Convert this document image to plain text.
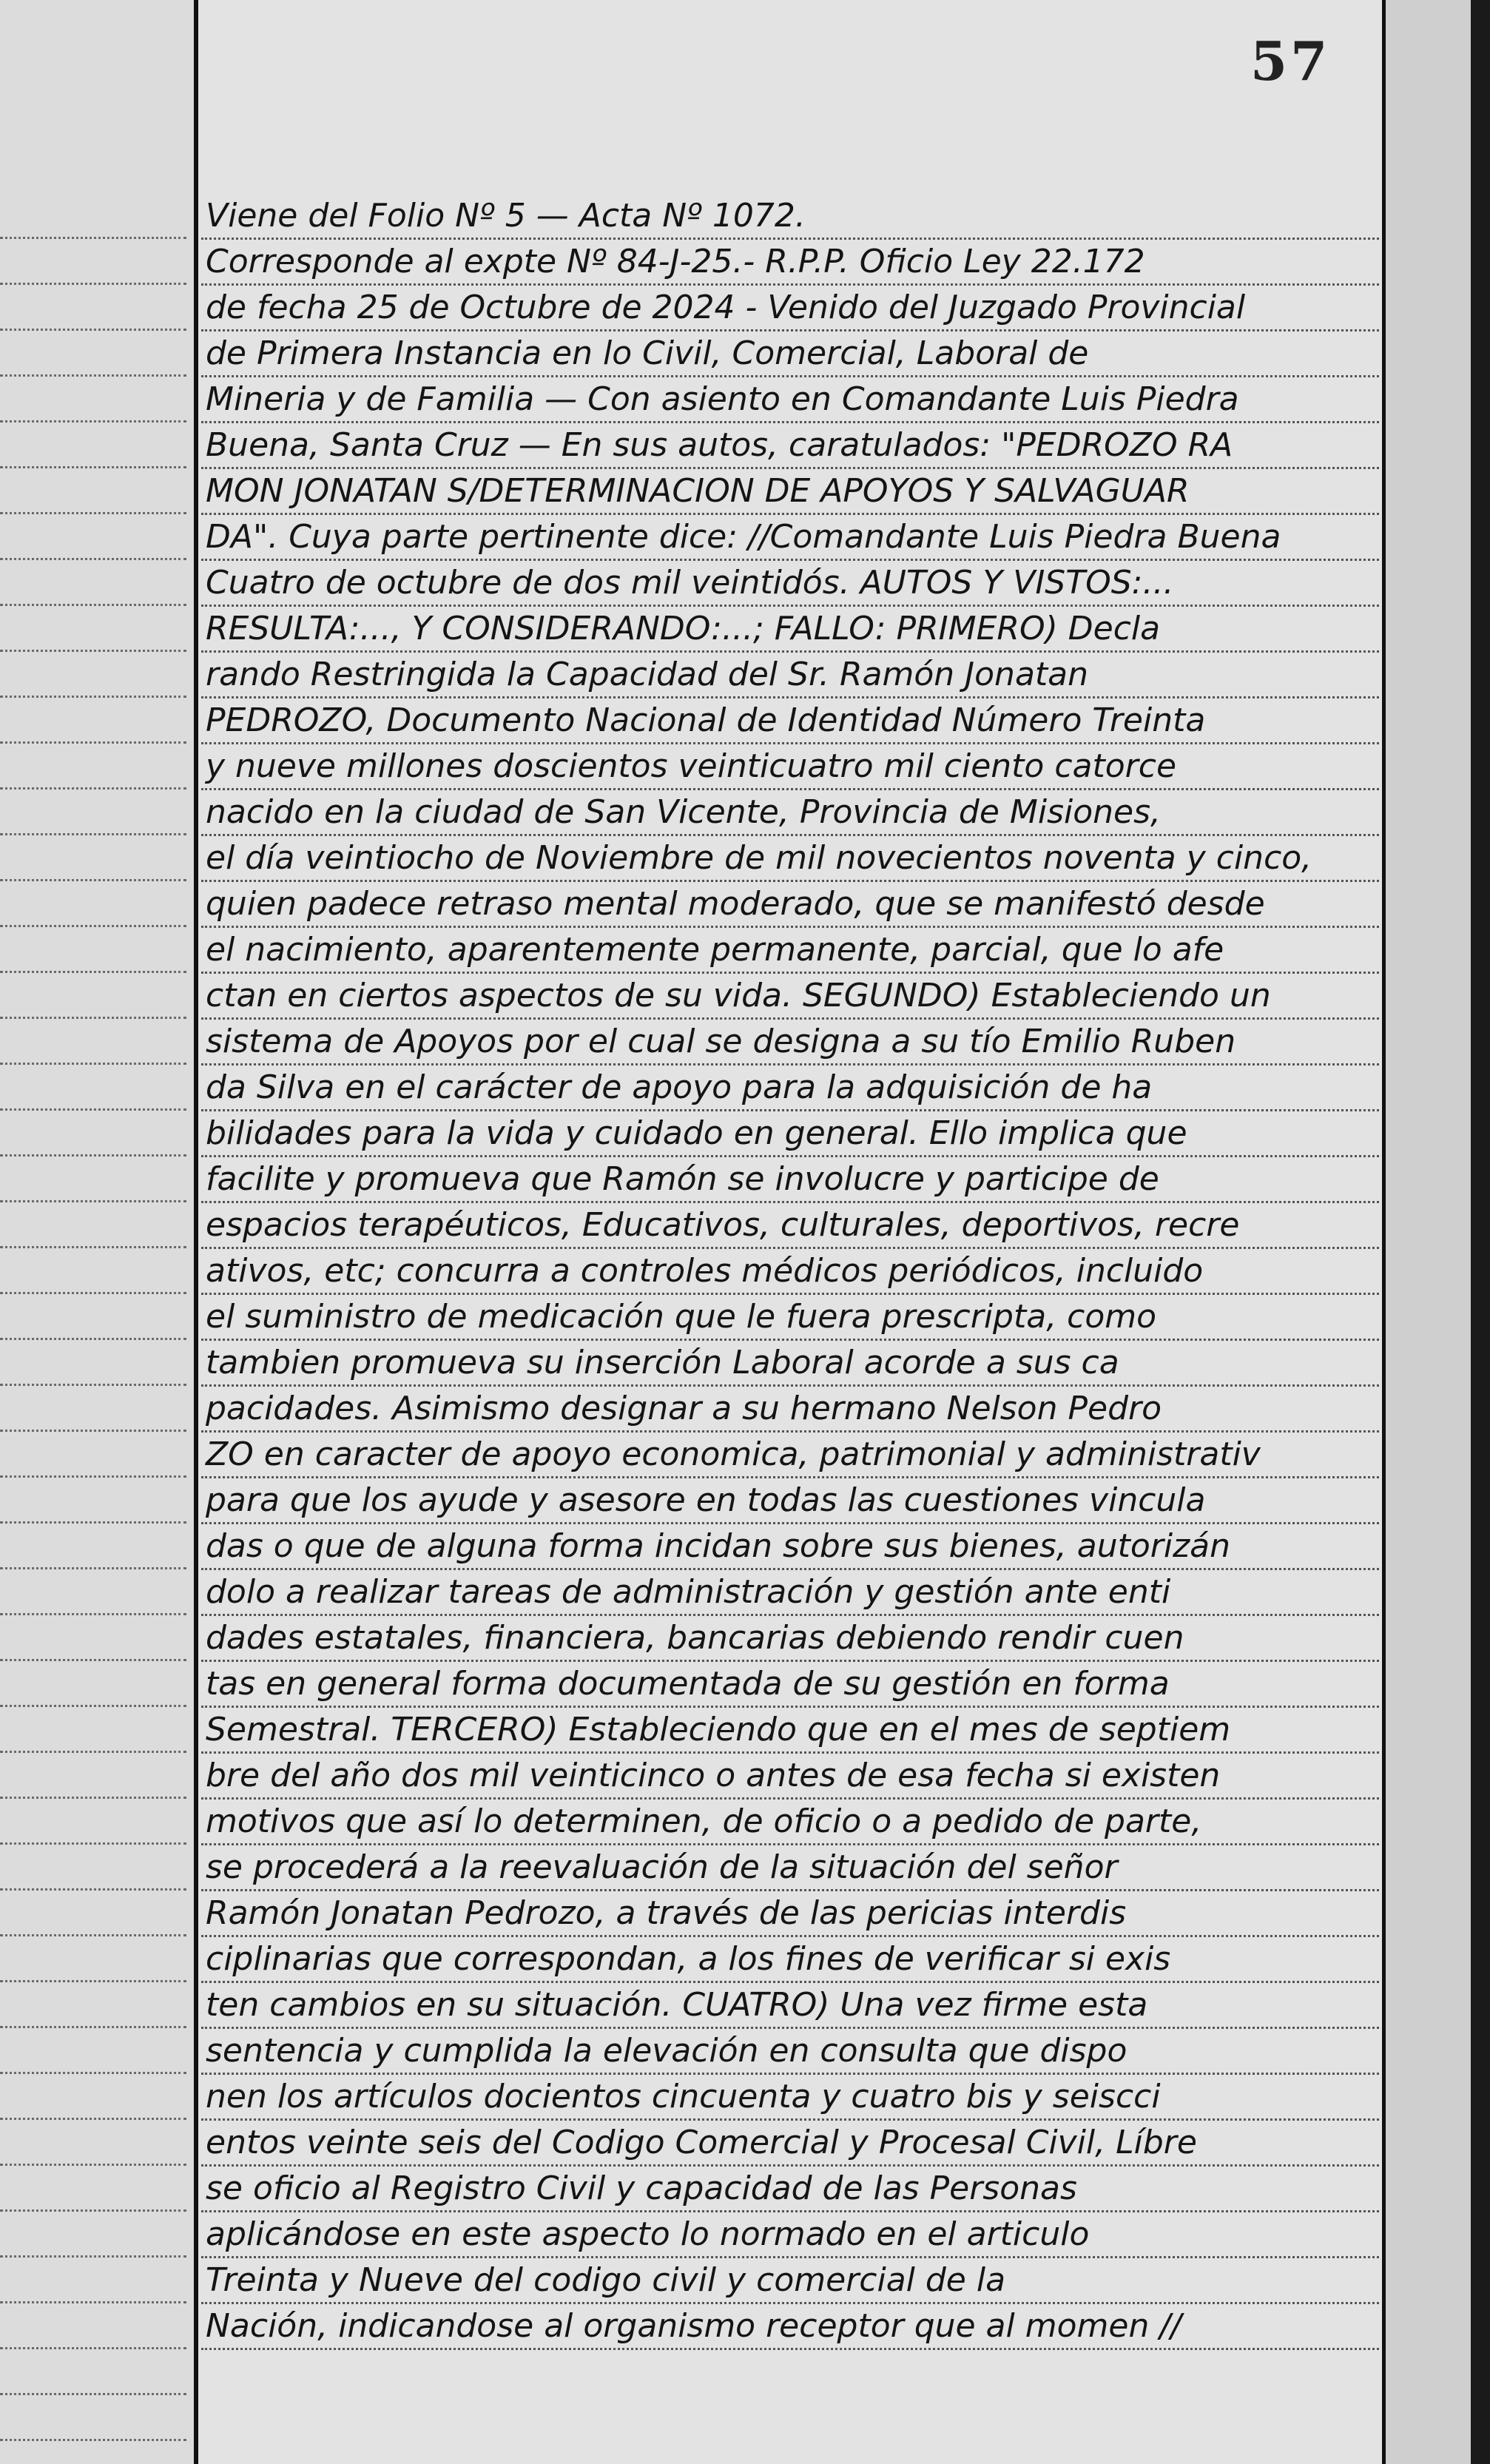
57
Viene del Folio Nº 5 — Acta Nº 1072.
Corresponde al expte Nº 84-J-25.- R.P.P. Oficio Ley 22.172
de fecha 25 de Octubre de 2024 - Venido del Juzgado Provincial
de Primera Instancia en lo Civil, Comercial, Laboral de
Mineria y de Familia — Con asiento en Comandante Luis Piedra
Buena, Santa Cruz — En sus autos, caratulados: "PEDROZO RA
MON JONATAN S/DETERMINACION DE APOYOS Y SALVAGUAR
DA". Cuya parte pertinente dice: //Comandante Luis Piedra Buena
Cuatro de octubre de dos mil veintidós. AUTOS Y VISTOS:...
RESULTA:..., Y CONSIDERANDO:...; FALLO: PRIMERO) Decla
rando Restringida la Capacidad del Sr. Ramón Jonatan
PEDROZO, Documento Nacional de Identidad Número Treinta
y nueve millones doscientos veinticuatro mil ciento catorce
nacido en la ciudad de San Vicente, Provincia de Misiones,
el día veintiocho de Noviembre de mil novecientos noventa y cinco,
quien padece retraso mental moderado, que se manifestó desde
el nacimiento, aparentemente permanente, parcial, que lo afe
ctan en ciertos aspectos de su vida. SEGUNDO) Estableciendo un
sistema de Apoyos por el cual se designa a su tío Emilio Ruben
da Silva en el carácter de apoyo para la adquisición de ha
bilidades para la vida y cuidado en general. Ello implica que
facilite y promueva que Ramón se involucre y participe de
espacios terapéuticos, Educativos, culturales, deportivos, recre
ativos, etc; concurra a controles médicos periódicos, incluido
el suministro de medicación que le fuera prescripta, como
tambien promueva su inserción Laboral acorde a sus ca
pacidades. Asimismo designar a su hermano Nelson Pedro
ZO en caracter de apoyo economica, patrimonial y administrativ
para que los ayude y asesore en todas las cuestiones vincula
das o que de alguna forma incidan sobre sus bienes, autorizán
dolo a realizar tareas de administración y gestión ante enti
dades estatales, financiera, bancarias debiendo rendir cuen
tas en general forma documentada de su gestión en forma
Semestral. TERCERO) Estableciendo que en el mes de septiem
bre del año dos mil veinticinco o antes de esa fecha si existen
motivos que así lo determinen, de oficio o a pedido de parte,
se procederá a la reevaluación de la situación del señor
Ramón Jonatan Pedrozo, a través de las pericias interdis
ciplinarias que correspondan, a los fines de verificar si exis
ten cambios en su situación. CUATRO) Una vez firme esta
sentencia y cumplida la elevación en consulta que dispo
nen los artículos docientos cincuenta y cuatro bis y seiscci
entos veinte seis del Codigo Comercial y Procesal Civil, Líbre
se oficio al Registro Civil y capacidad de las Personas
aplicándose en este aspecto lo normado en el articulo
Treinta y Nueve del codigo civil y comercial de la
Nación, indicandose al organismo receptor que al momen //
